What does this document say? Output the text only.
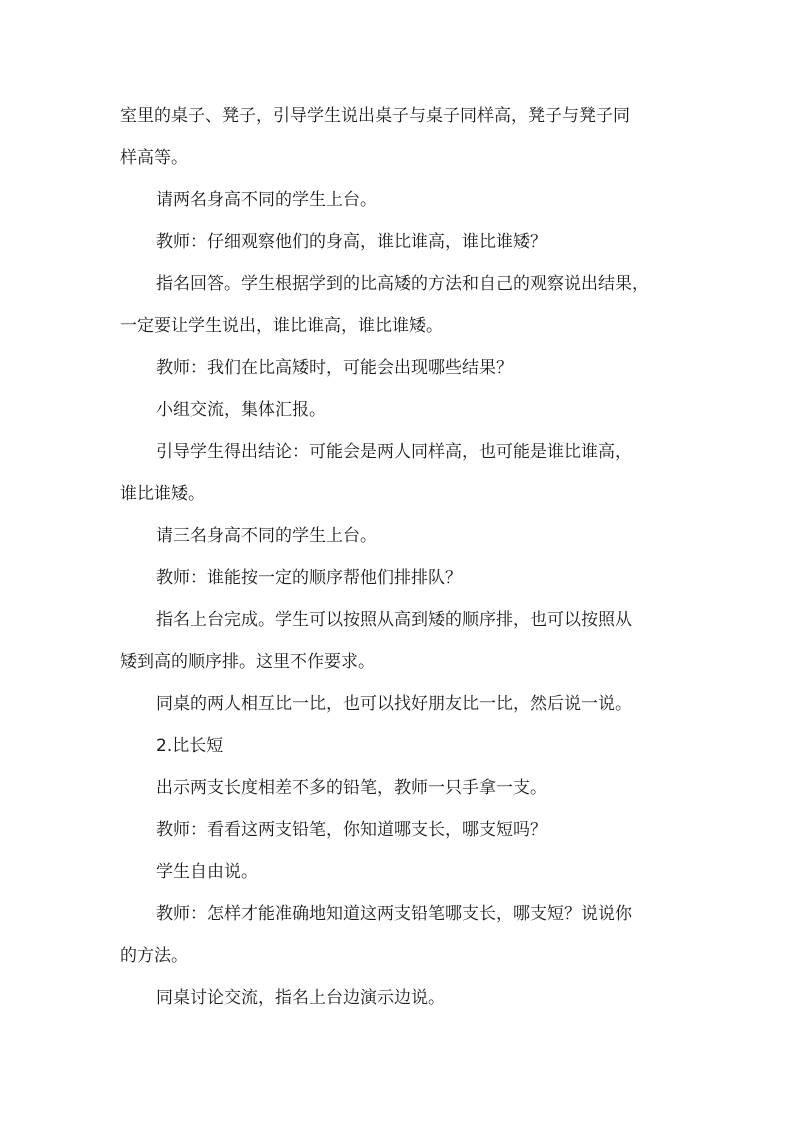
室里的桌子、凳子，引导学生说出桌子与桌子同样高，凳子与凳子同
样高等。
请两名身高不同的学生上台。
教师：仔细观察他们的身高，谁比谁高，谁比谁矮？
指名回答。学生根据学到的比高矮的方法和自己的观察说出结果，
一定要让学生说出，谁比谁高，谁比谁矮。
教师：我们在比高矮时，可能会出现哪些结果？
小组交流，集体汇报。
引导学生得出结论：可能会是两人同样高，也可能是谁比谁高，
谁比谁矮。
请三名身高不同的学生上台。
教师：谁能按一定的顺序帮他们排排队？
指名上台完成。学生可以按照从高到矮的顺序排，也可以按照从
矮到高的顺序排。这里不作要求。
同桌的两人相互比一比，也可以找好朋友比一比，然后说一说。
2.比长短
出示两支长度相差不多的铅笔，教师一只手拿一支。
教师：看看这两支铅笔，你知道哪支长，哪支短吗？
学生自由说。
教师：怎样才能准确地知道这两支铅笔哪支长，哪支短？说说你
的方法。
同桌讨论交流，指名上台边演示边说。
